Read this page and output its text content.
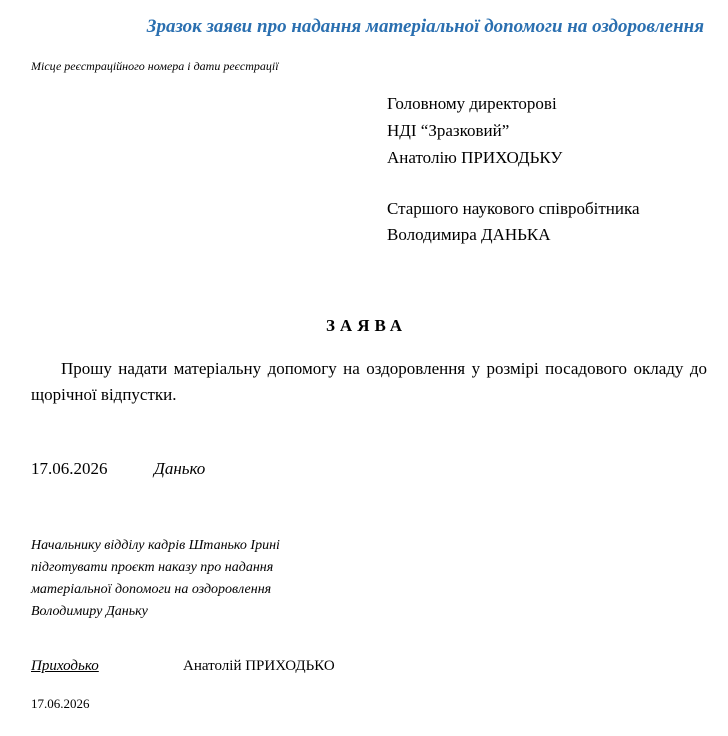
Зразок заяви про надання матеріальної допомоги на оздоровлення
Місце реєстраційного номера і дати реєстрації
Головному директорові
НДІ “Зразковий”
Анатолію ПРИХОДЬКУ
Старшого наукового співробітника
Володимира ДАНЬКА
ЗАЯВА
Прошу надати матеріальну допомогу на оздоровлення у розмірі посадового окладу до щорічної відпустки.
17.06.2026	Данько
Начальнику відділу кадрів Штанько Ірині
підготувати проєкт наказу про надання
матеріальної допомоги на оздоровлення
Володимиру Даньку
Приходько	Анатолій ПРИХОДЬКО
17.06.2026
